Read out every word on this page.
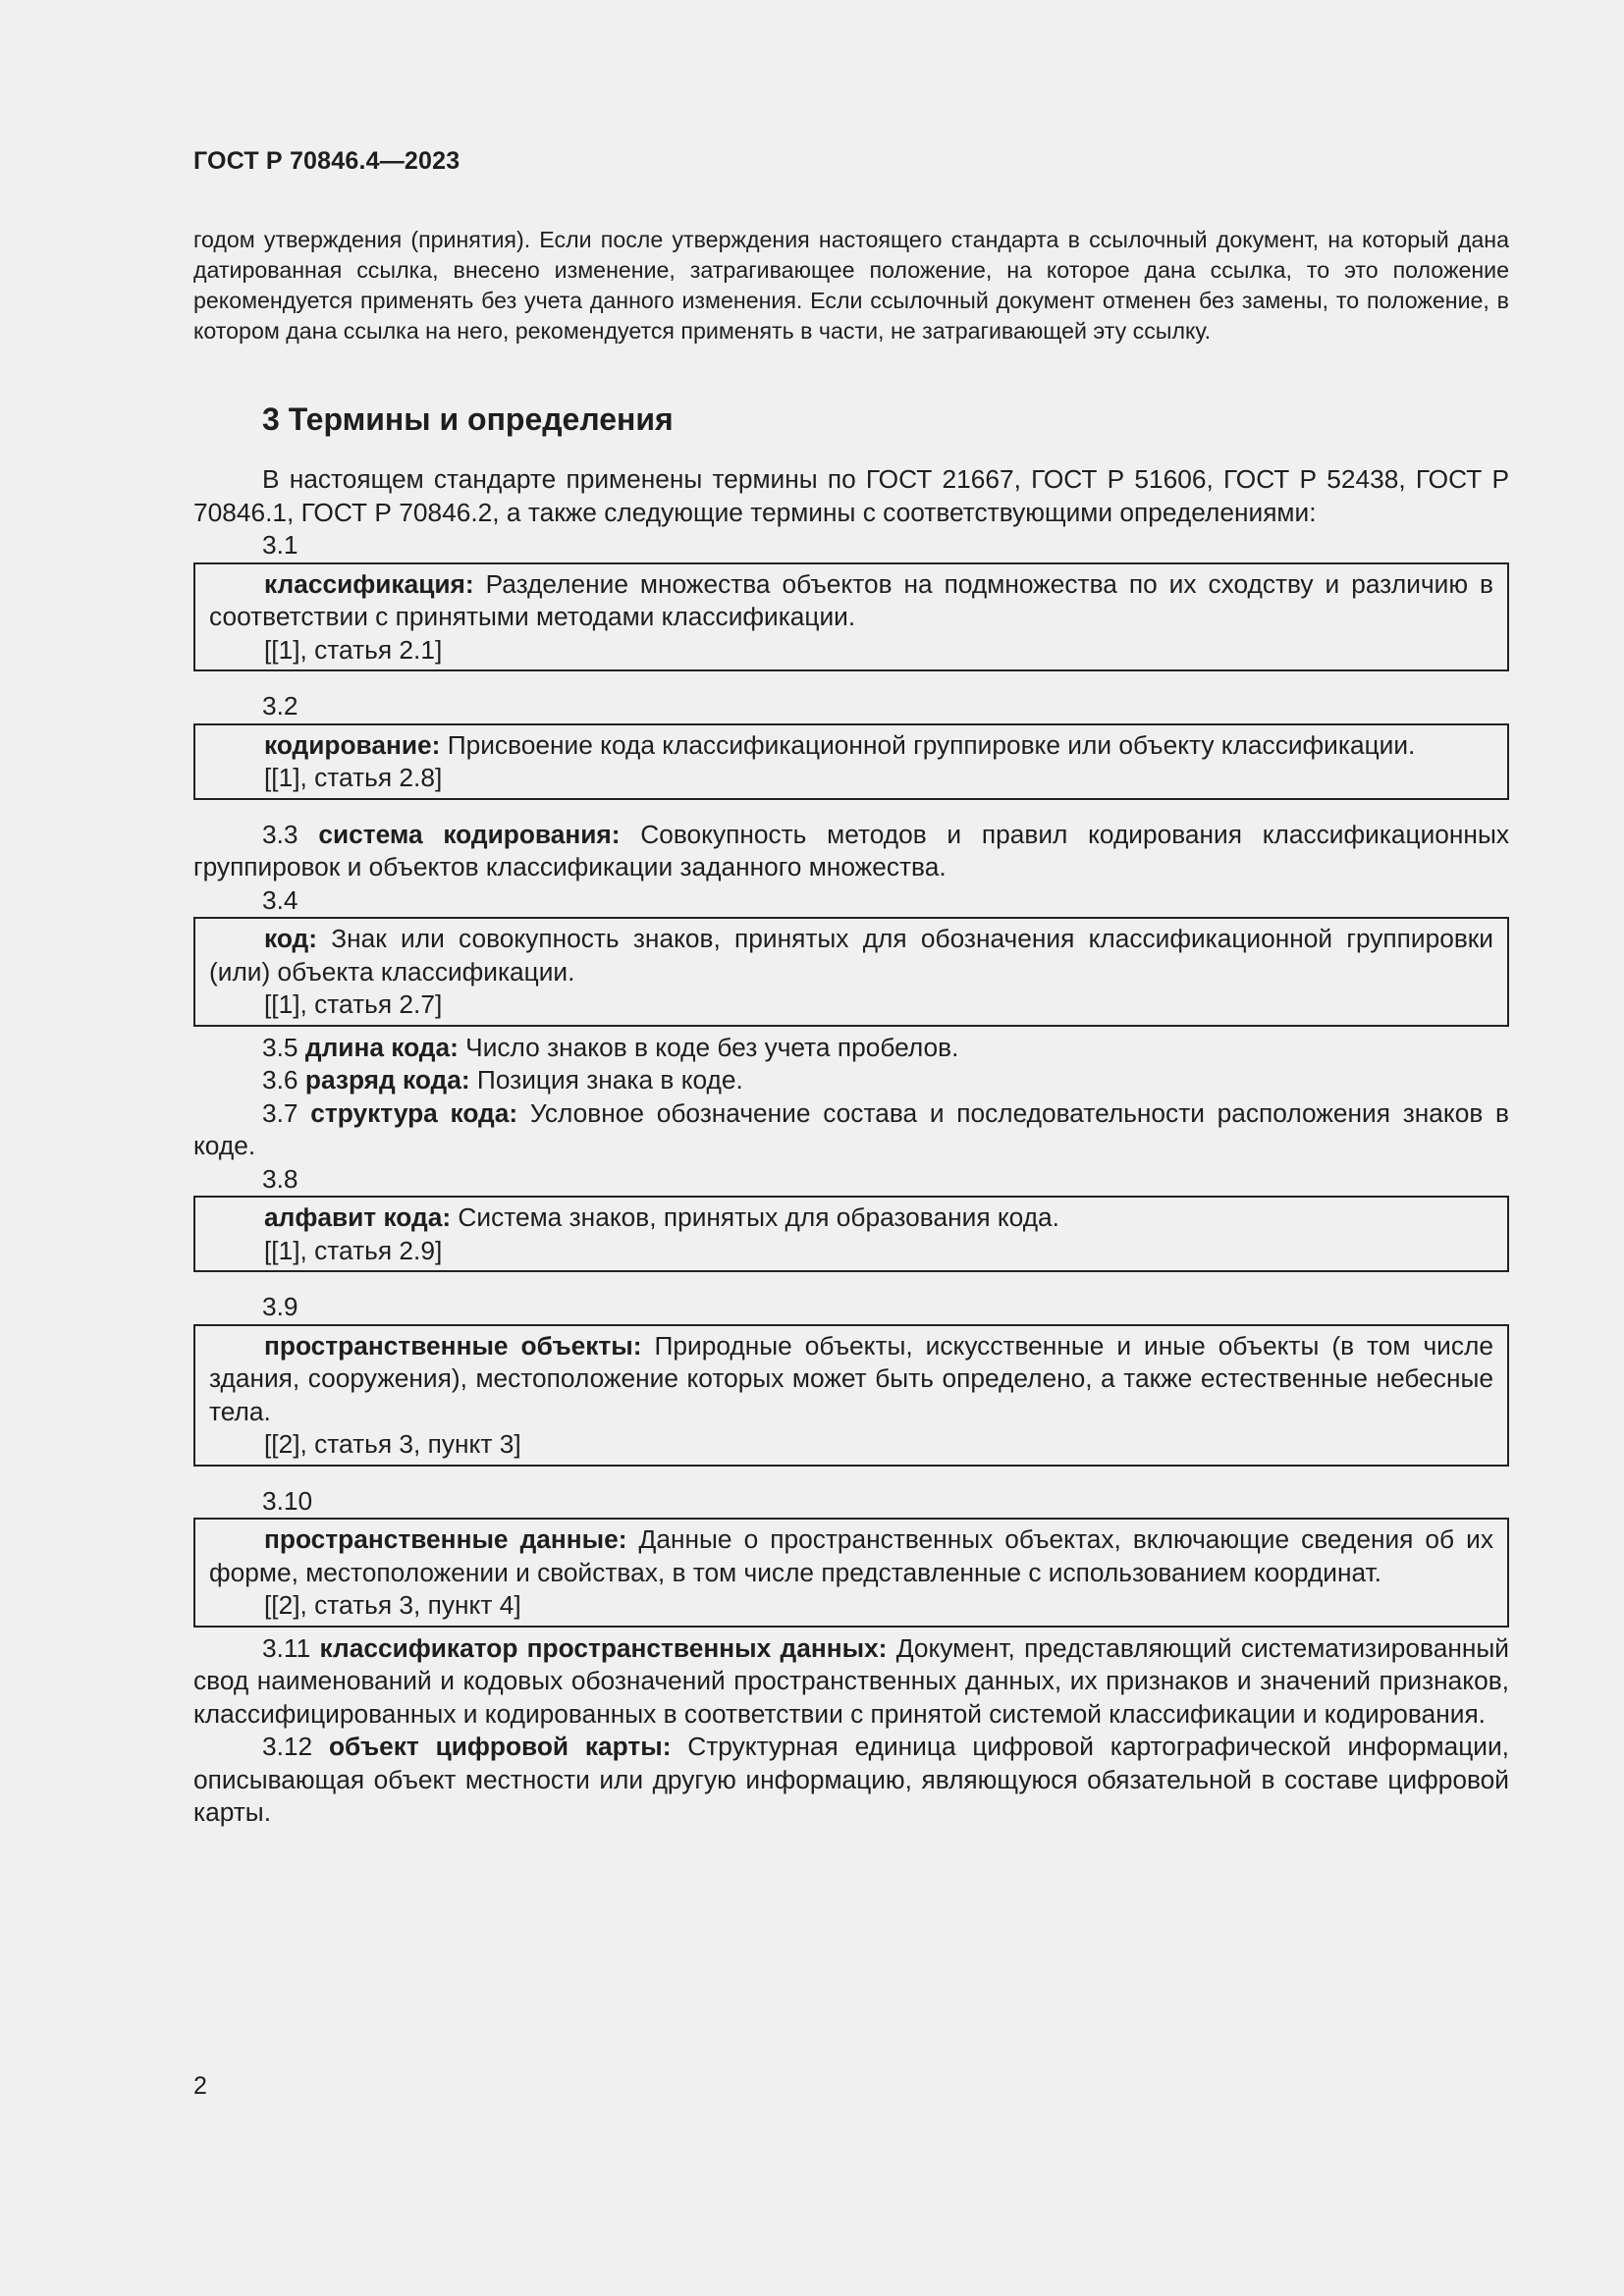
ГОСТ Р 70846.4—2023

годом утверждения (принятия). Если после утверждения настоящего стандарта в ссылочный документ, на который дана датированная ссылка, внесено изменение, затрагивающее положение, на которое дана ссылка, то это положение рекомендуется применять без учета данного изменения. Если ссылочный документ отменен без замены, то положение, в котором дана ссылка на него, рекомендуется применять в части, не затрагивающей эту ссылку.

3 Термины и определения

В настоящем стандарте применены термины по ГОСТ 21667, ГОСТ Р 51606, ГОСТ Р 52438, ГОСТ Р 70846.1, ГОСТ Р 70846.2, а также следующие термины с соответствующими определениями:

3.1

классификация: Разделение множества объектов на подмножества по их сходству и различию в соответствии с принятыми методами классификации.

[[1], статья 2.1]

3.2

кодирование: Присвоение кода классификационной группировке или объекту классификации.

[[1], статья 2.8]

3.3 система кодирования: Совокупность методов и правил кодирования классификационных группировок и объектов классификации заданного множества.

3.4

код: Знак или совокупность знаков, принятых для обозначения классификационной группировки (или) объекта классификации.

[[1], статья 2.7]

3.5 длина кода: Число знаков в коде без учета пробелов.

3.6 разряд кода: Позиция знака в коде.

3.7 структура кода: Условное обозначение состава и последовательности расположения знаков в коде.

3.8

алфавит кода: Система знаков, принятых для образования кода.

[[1], статья 2.9]

3.9

пространственные объекты: Природные объекты, искусственные и иные объекты (в том числе здания, сооружения), местоположение которых может быть определено, а также естественные небесные тела.

[[2], статья 3, пункт 3]

3.10

пространственные данные: Данные о пространственных объектах, включающие сведения об их форме, местоположении и свойствах, в том числе представленные с использованием координат.

[[2], статья 3, пункт 4]

3.11 классификатор пространственных данных: Документ, представляющий систематизированный свод наименований и кодовых обозначений пространственных данных, их признаков и значений признаков, классифицированных и кодированных в соответствии с принятой системой классификации и кодирования.

3.12 объект цифровой карты: Структурная единица цифровой картографической информации, описывающая объект местности или другую информацию, являющуюся обязательной в составе цифровой карты.

2
